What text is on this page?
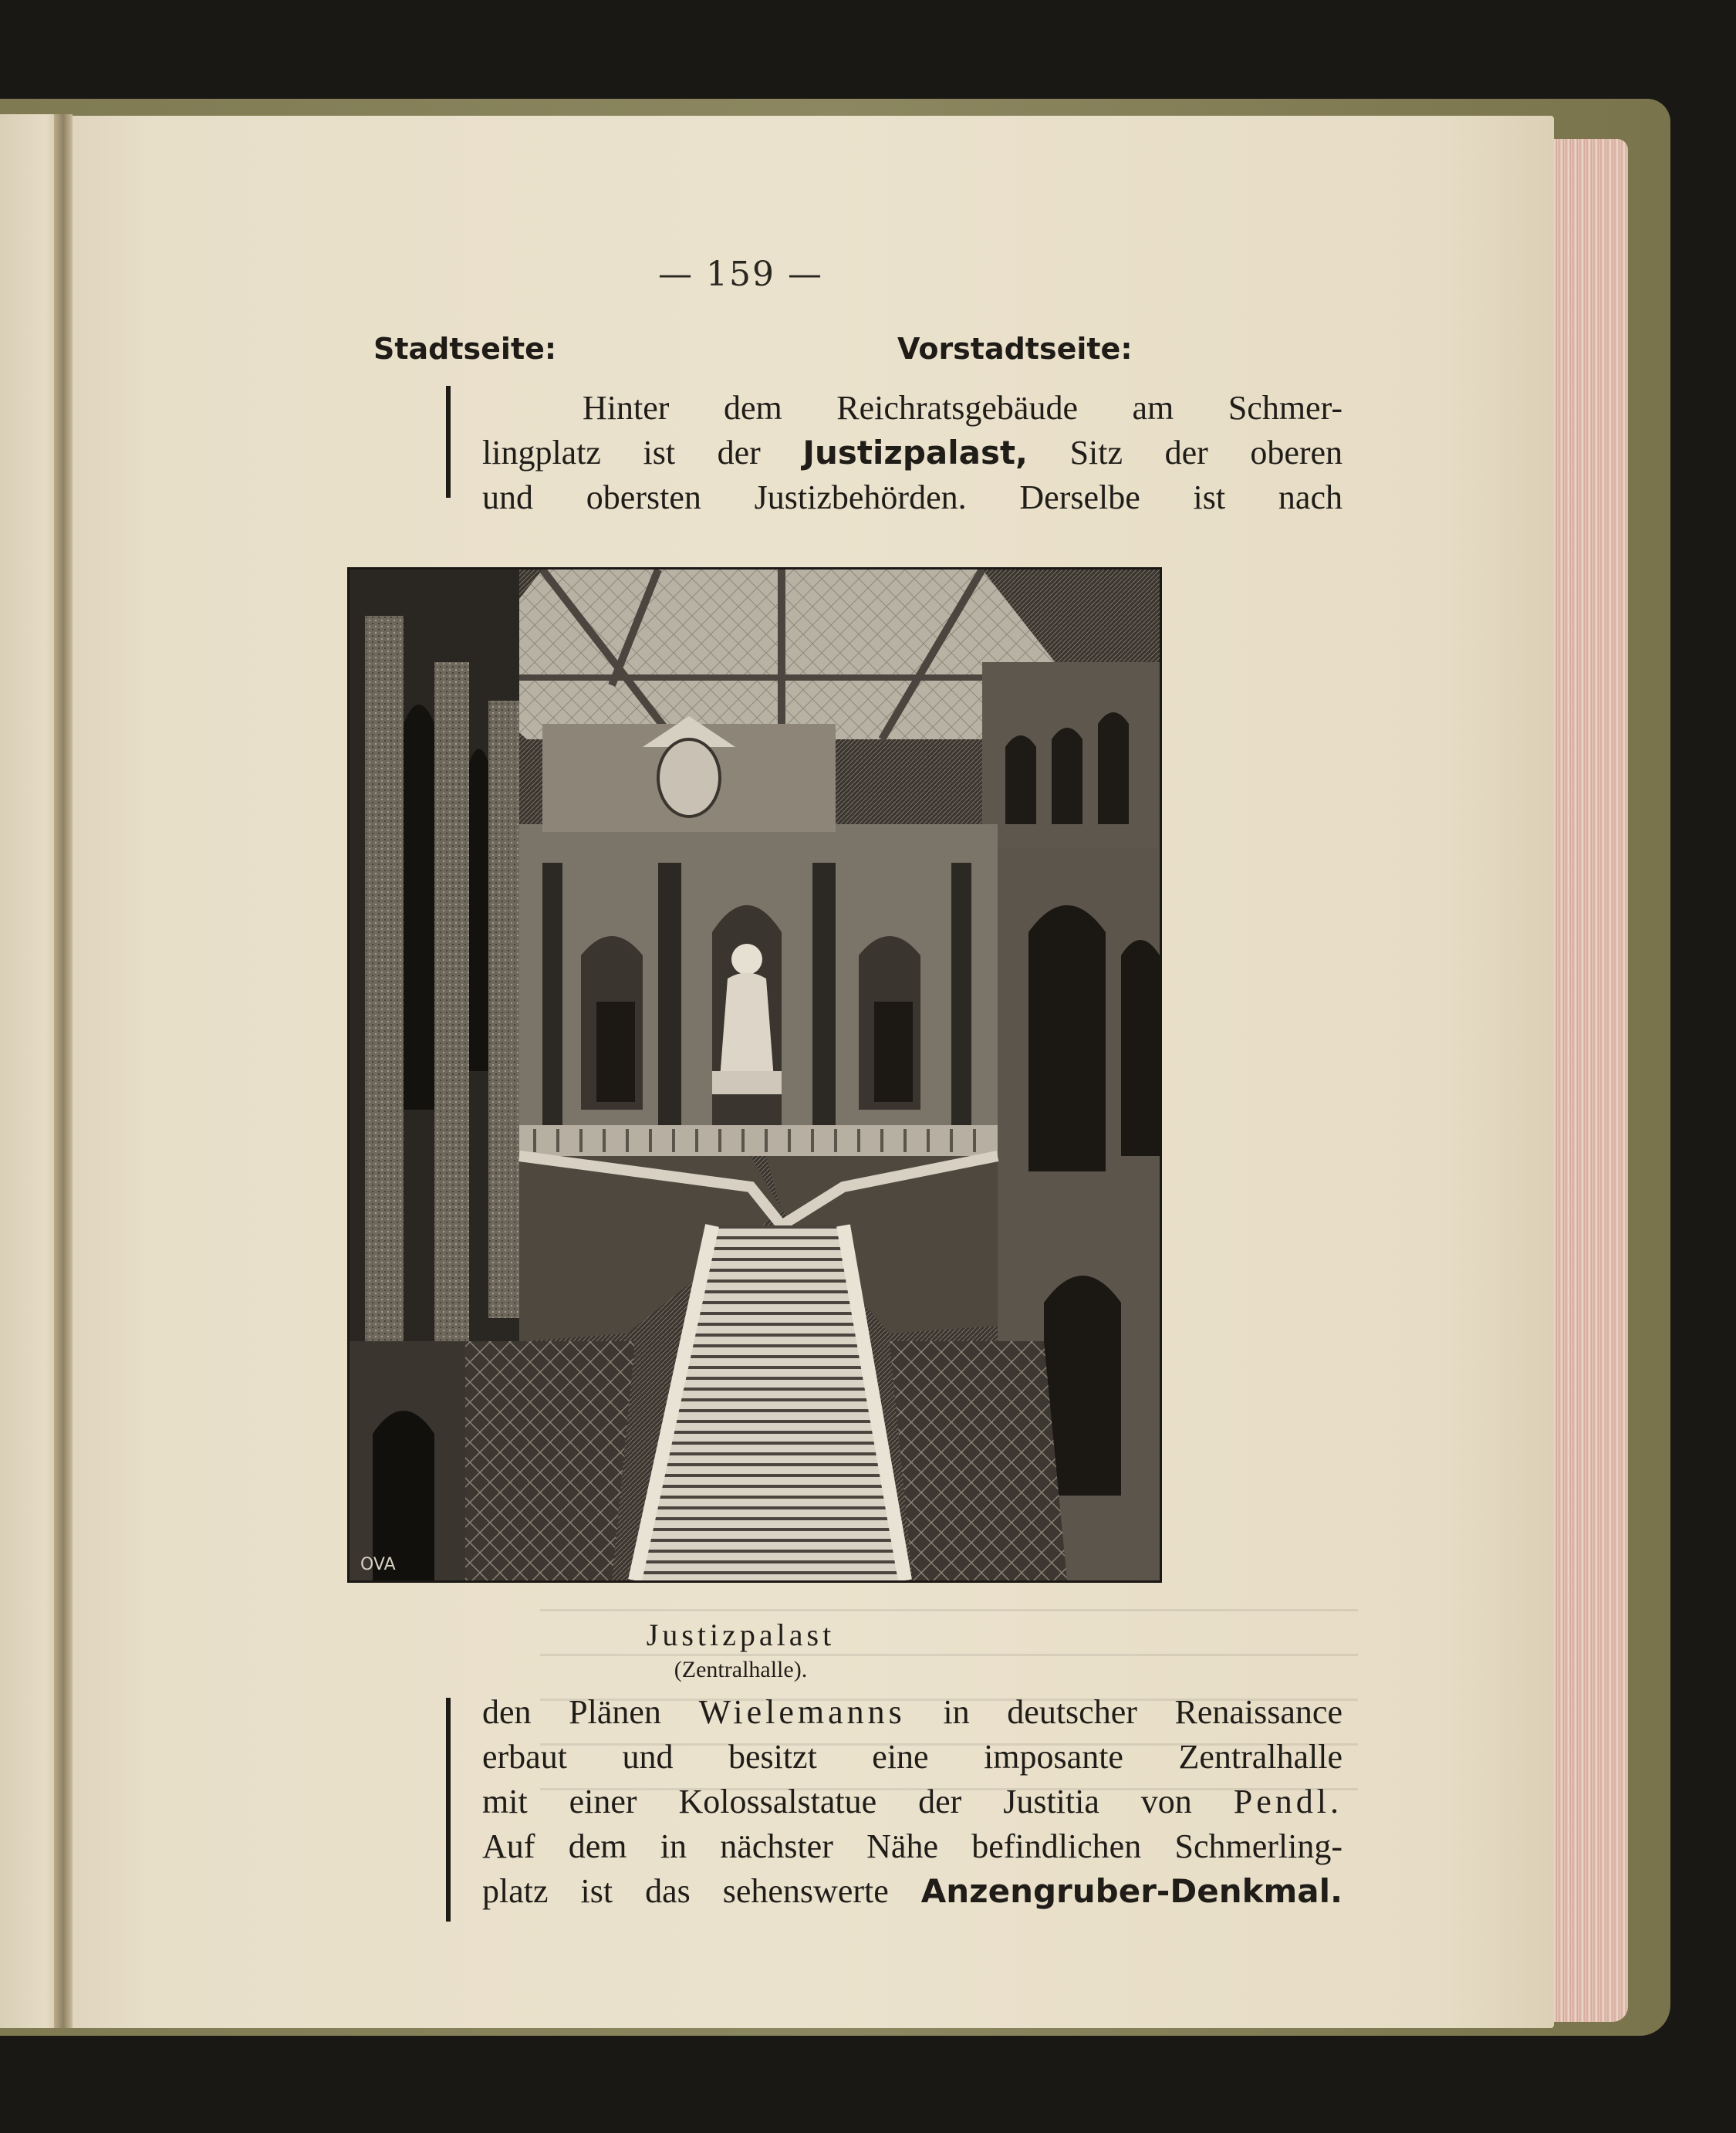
— 159 —
Stadtseite:	Vorstadtseite:
Hinter dem Reichratsgebäude am Schmer-
lingplatz ist der Justizpalast, Sitz der oberen
und obersten Justizbehörden. Derselbe ist nach
OVA
Justizpalast
(Zentralhalle).
den Plänen Wielemanns in deutscher Renaissance
erbaut und besitzt eine imposante Zentralhalle
mit einer Kolossalstatue der Justitia von Pendl.
Auf dem in nächster Nähe befindlichen Schmerling-
platz ist das sehenswerte Anzengruber-Denkmal.
